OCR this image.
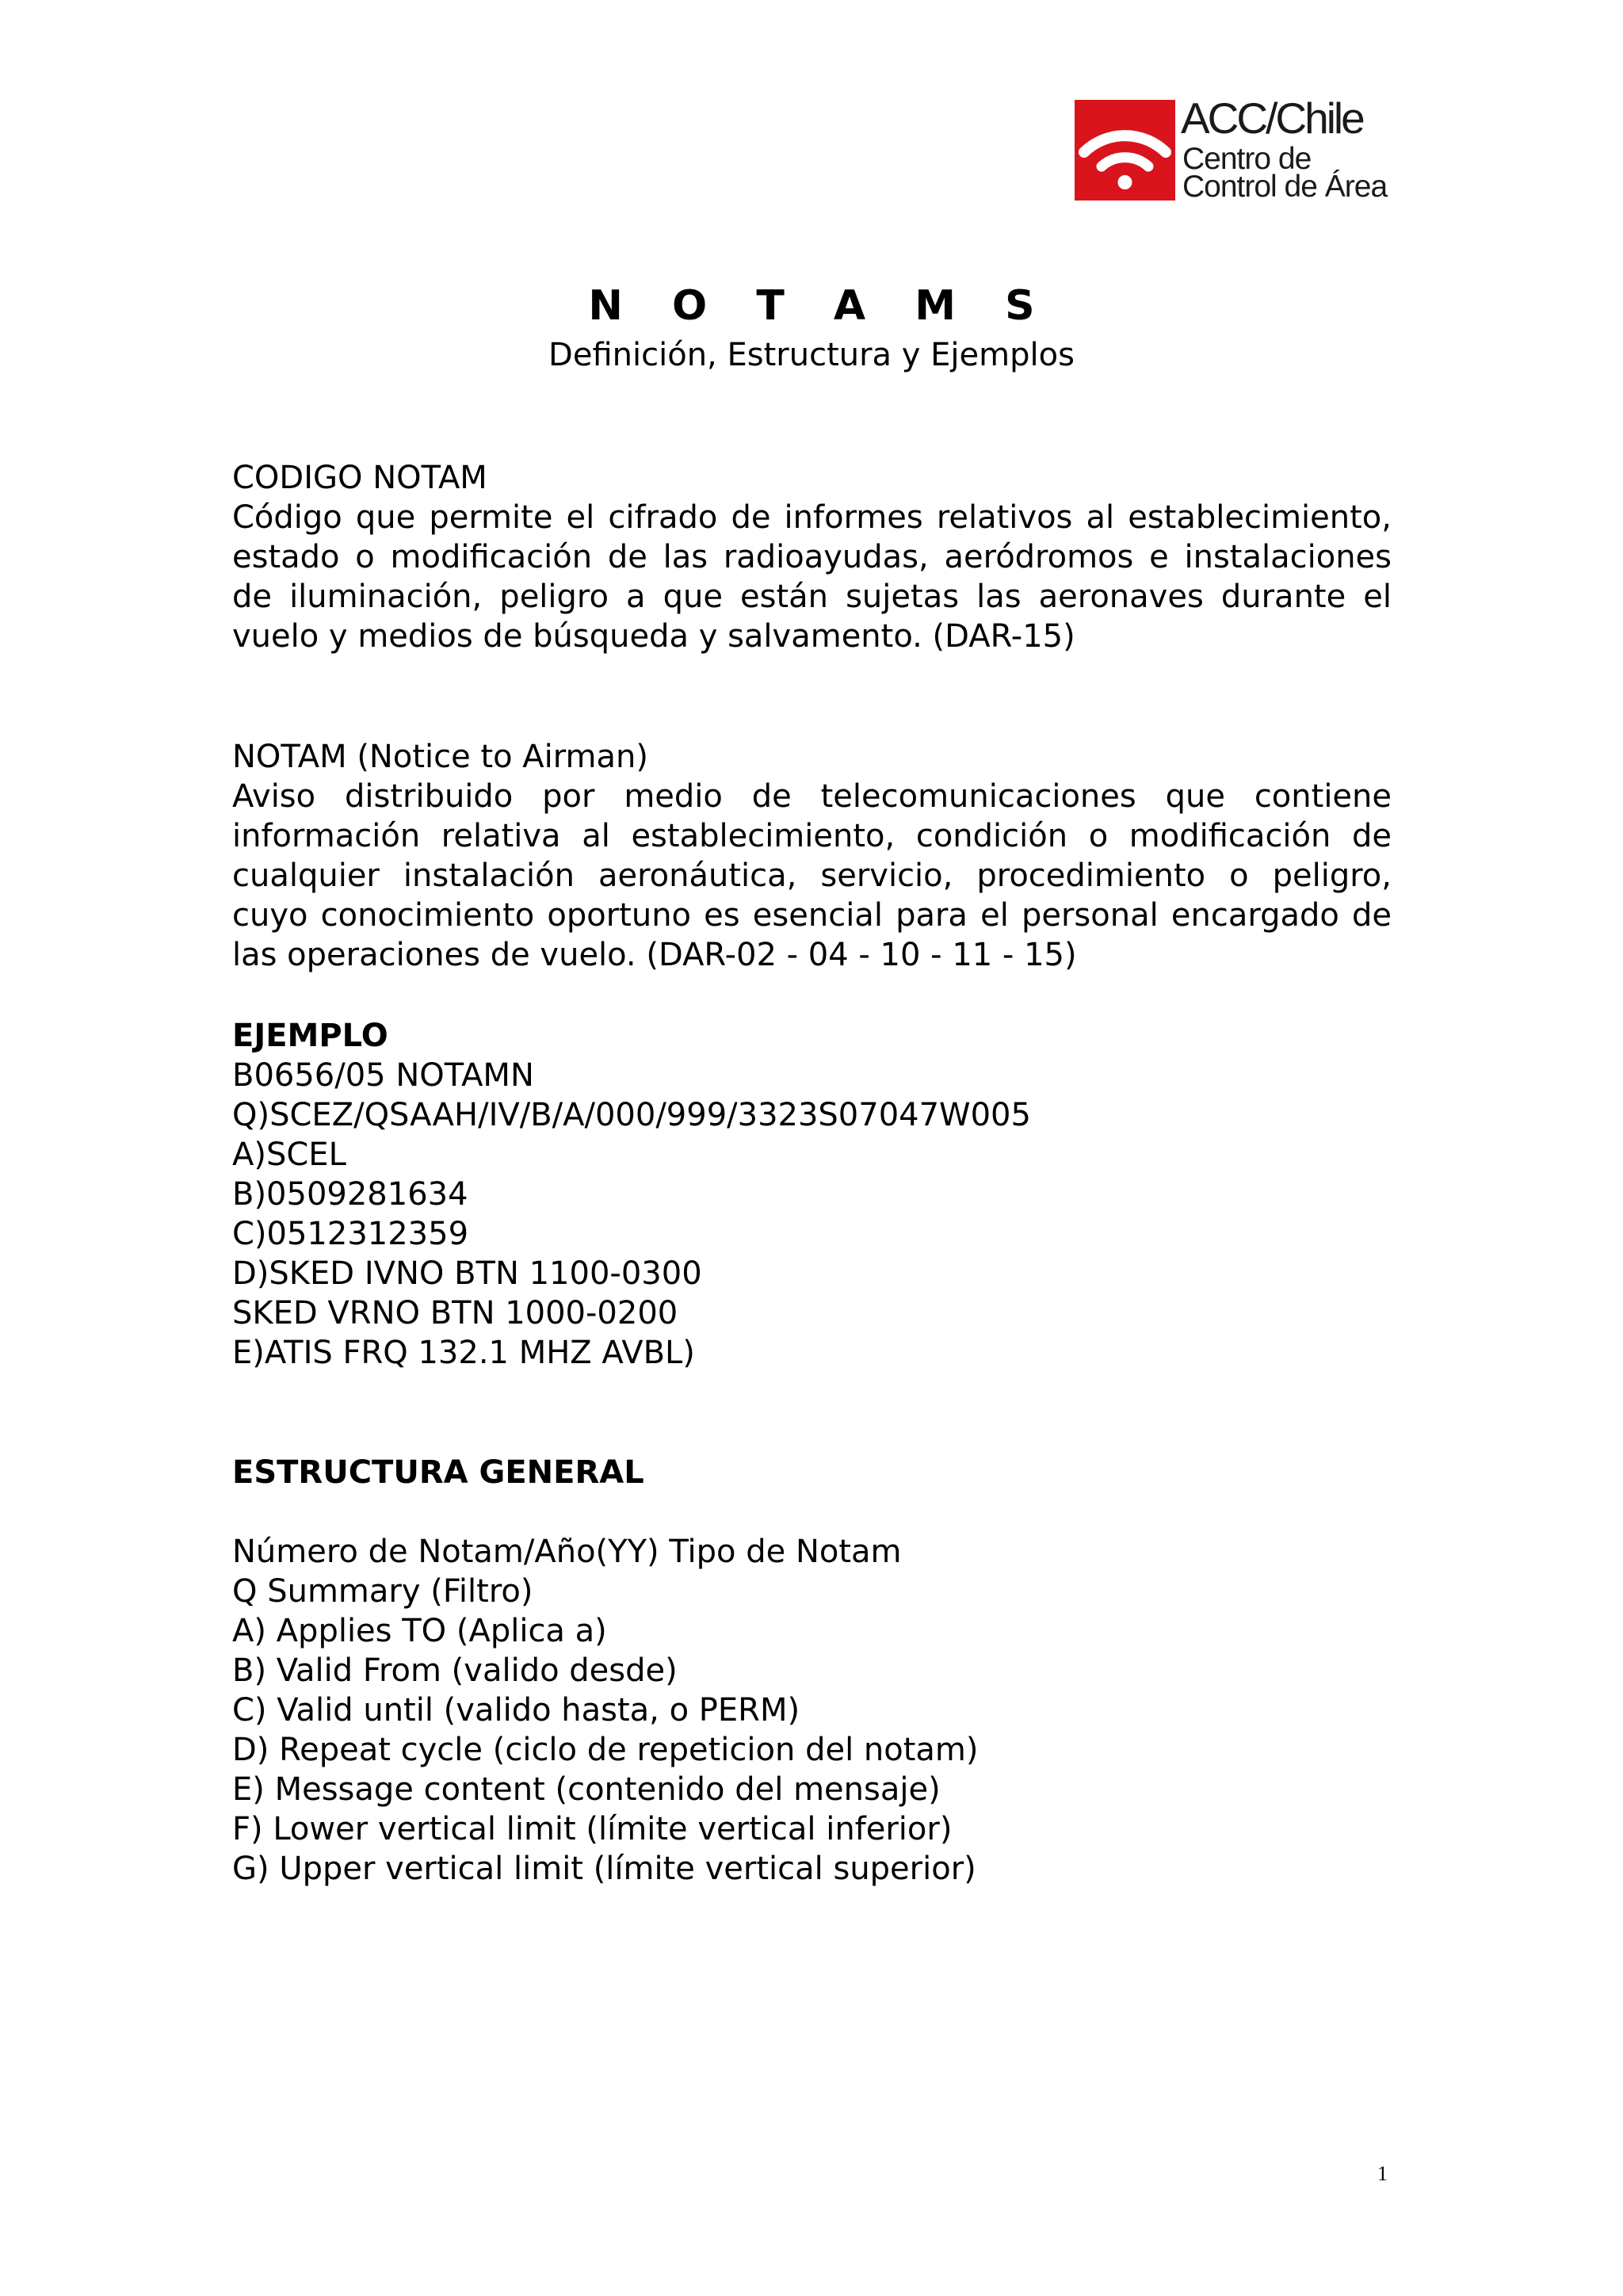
ACC/Chile
Centro de
Control de Área
N O T A M S
Definición, Estructura y Ejemplos

CODIGO NOTAM

Código que permite el cifrado de informes relativos al establecimiento, estado o modificación de las radioayudas, aeródromos e instalaciones de iluminación, peligro a que están sujetas las aeronaves durante el vuelo y medios de búsqueda y salvamento. (DAR-15)

NOTAM (Notice to Airman)

Aviso distribuido por medio de telecomunicaciones que contiene información relativa al establecimiento, condición o modificación de cualquier instalación aeronáutica, servicio, procedimiento o peligro, cuyo conocimiento oportuno es esencial para el personal encargado de las operaciones de vuelo. (DAR-02 - 04 - 10 - 11 - 15)

EJEMPLO

B0656/05 NOTAMN

Q)SCEZ/QSAAH/IV/B/A/000/999/3323S07047W005

A)SCEL

B)0509281634

C)0512312359

D)SKED IVNO BTN 1100-0300

SKED VRNO BTN 1000-0200

E)ATIS FRQ 132.1 MHZ AVBL)

ESTRUCTURA GENERAL

Número de Notam/Año(YY) Tipo de Notam

Q Summary (Filtro)

A) Applies TO (Aplica a)

B) Valid From (valido desde)

C) Valid until (valido hasta, o PERM)

D) Repeat cycle (ciclo de repeticion del notam)

E) Message content (contenido del mensaje)

F) Lower vertical limit (límite vertical inferior)

G) Upper vertical limit (límite vertical superior)

1
